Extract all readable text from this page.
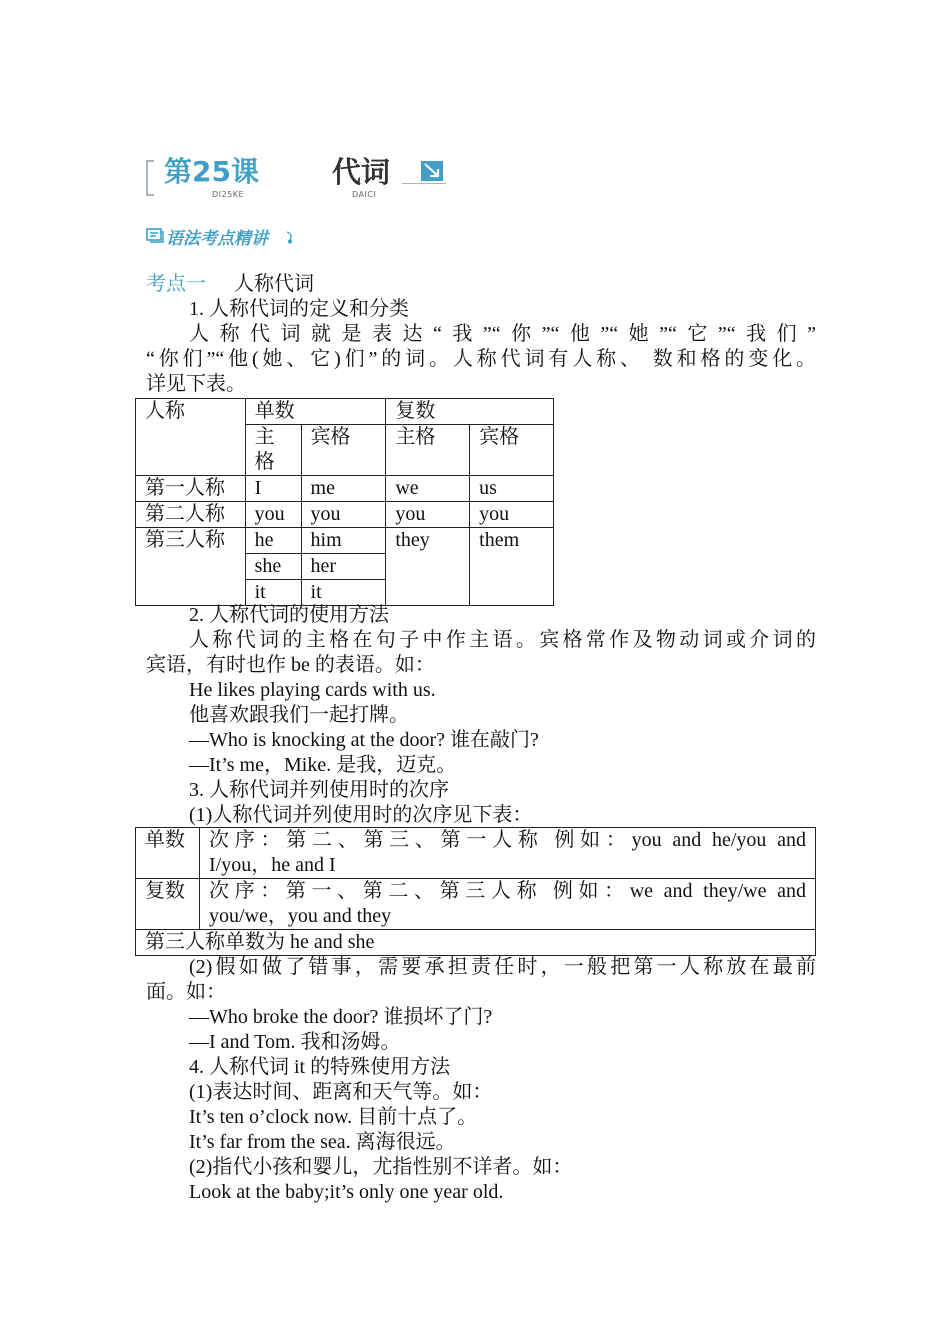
第25课
DI25KE
代词
DAICI
语法考点精讲
考点一 人称代词
1. 人称代词的定义和分类
人称代词就是表达“我”“你”“他”“她”“它”“我们”
“你们”“他(她、它)们”的词。人称代词有人称、 数和格的变化。
详见下表。
人称	单数		复数	
	主
格	宾格	主格	宾格
第一人称	I	me	we	us
第二人称	you	you	you	you
第三人称	he	him	they	them
	she	her		
	it	it		
2. 人称代词的使用方法
人称代词的主格在句子中作主语。宾格常作及物动词或介词的
宾语，有时也作 be 的表语。如：
He likes playing cards with us.
他喜欢跟我们一起打牌。
—Who is knocking at the door? 谁在敲门?
—It’s me，Mike. 是我，迈克。
3. 人称代词并列使用时的次序
(1)人称代词并列使用时的次序见下表：
单数	次序：第二、第三、第一人称 例如：you and he/you and
I/you，he and I

复数	次序：第一、第二、第三人称 例如：we and they/we and
you/we，you and they

第三人称单数为 he and she	
(2)假如做了错事，需要承担责任时，一般把第一人称放在最前
面。如：
—Who broke the door? 谁损坏了门?
—I and Tom. 我和汤姆。
4. 人称代词 it 的特殊使用方法
(1)表达时间、距离和天气等。如：
It’s ten o’clock now. 目前十点了。
It’s far from the sea. 离海很远。
(2)指代小孩和婴儿，尤指性别不详者。如：
Look at the baby;it’s only one year old.
